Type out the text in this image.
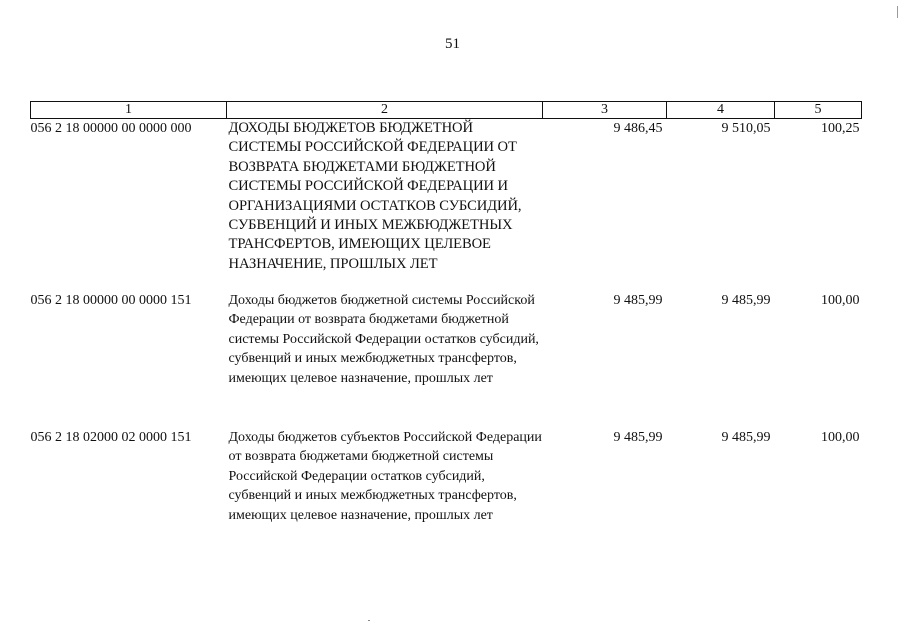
51
1	2	3	4	5
056 2 18 00000 00 0000 000	ДОХОДЫ БЮДЖЕТОВ БЮДЖЕТНОЙ СИСТЕМЫ РОССИЙСКОЙ ФЕДЕРАЦИИ ОТ ВОЗВРАТА БЮДЖЕТАМИ БЮДЖЕТНОЙ СИСТЕМЫ РОССИЙСКОЙ ФЕДЕРАЦИИ И ОРГАНИЗАЦИЯМИ ОСТАТКОВ СУБСИДИЙ, СУБВЕНЦИЙ И ИНЫХ МЕЖБЮДЖЕТНЫХ ТРАНСФЕРТОВ, ИМЕЮЩИХ ЦЕЛЕВОЕ НАЗНАЧЕНИЕ, ПРОШЛЫХ ЛЕТ	9 486,45	9 510,05	100,25
056 2 18 00000 00 0000 151	Доходы бюджетов бюджетной системы Российской Федерации от возврата бюджетами бюджетной системы Российской Федерации остатков субсидий, субвенций и иных межбюджетных трансфертов, имеющих целевое назначение, прошлых лет	9 485,99	9 485,99	100,00
056 2 18 02000 02 0000 151	Доходы бюджетов субъектов Российской Федерации от возврата бюджетами бюджетной системы Российской Федерации остатков субсидий, субвенций и иных межбюджетных трансфертов, имеющих целевое назначение, прошлых лет	9 485,99	9 485,99	100,00
